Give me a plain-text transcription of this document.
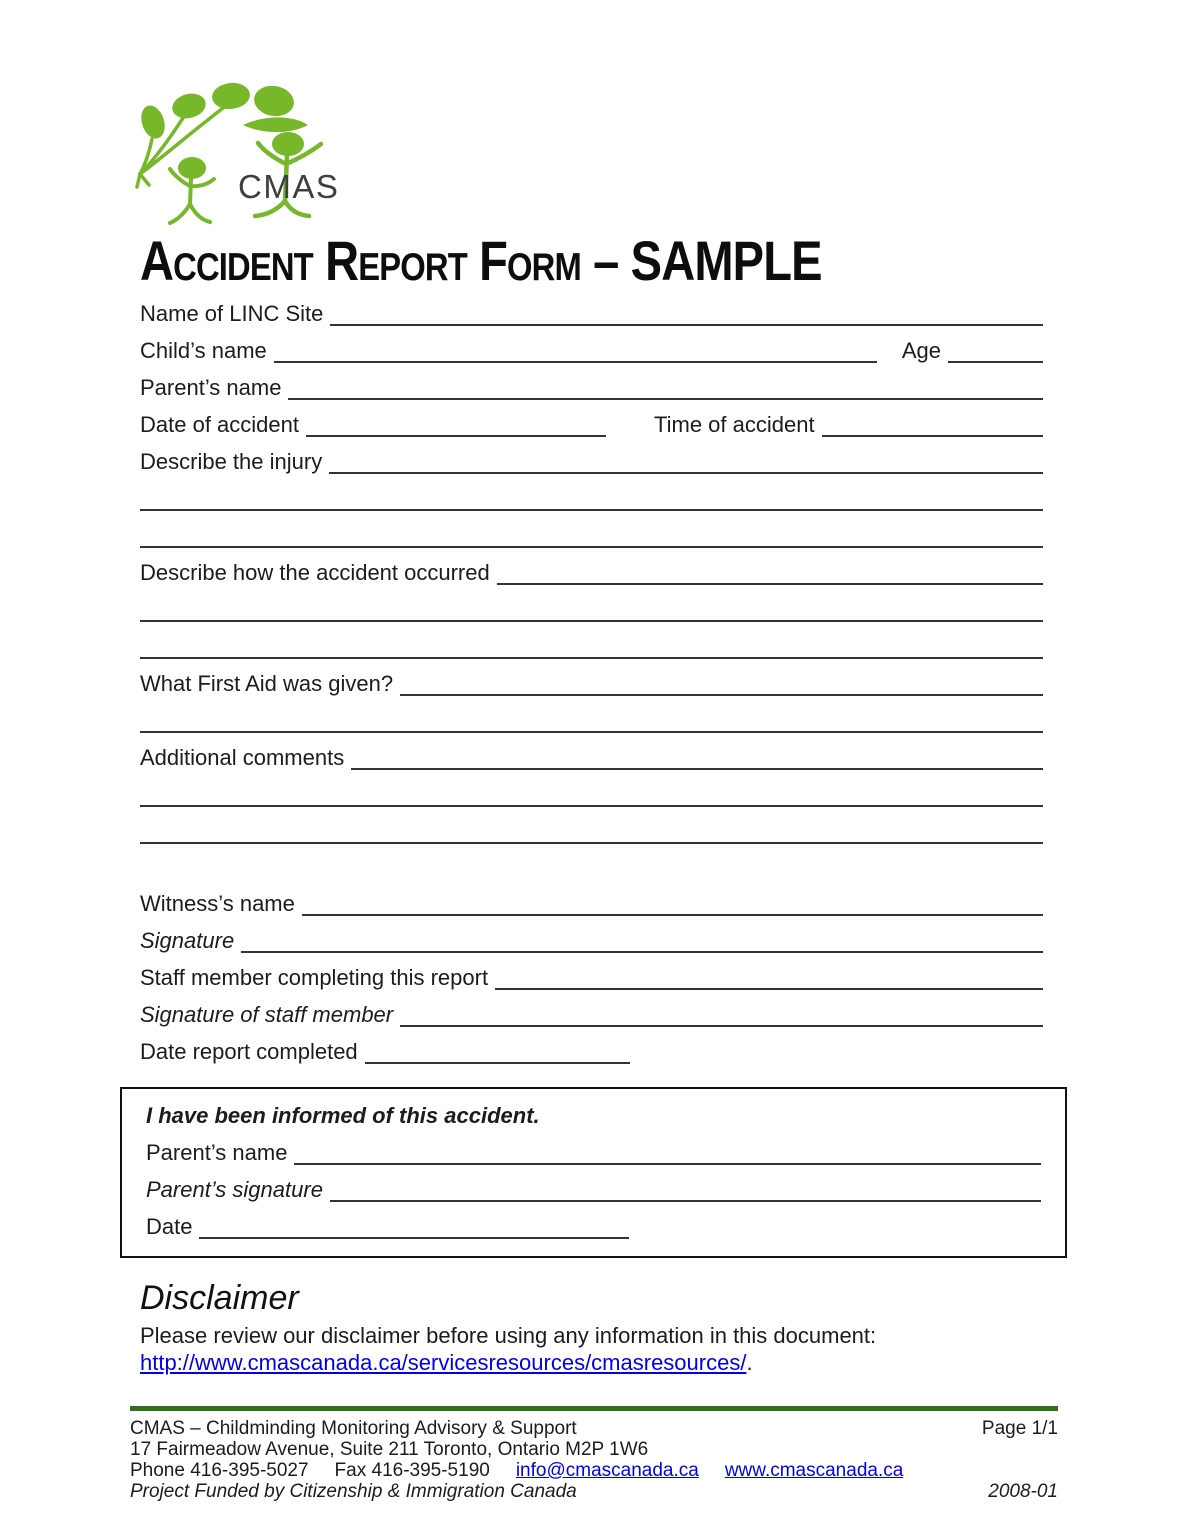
CMAS
Accident Report Form – SAMPLE
Name of LINC Site
Child’s name	Age
Parent’s name
Date of accident	Time of accident
Describe the injury
Describe how the accident occurred
What First Aid was given?
Additional comments
Witness’s name
Signature
Staff member completing this report
Signature of staff member
Date report completed
I have been informed of this accident.
Parent’s name
Parent’s signature
Date
Disclaimer
Please review our disclaimer before using any information in this document:
http://www.cmascanada.ca/servicesresources/cmasresources/.
CMAS – Childminding Monitoring Advisory & Support	Page 1/1
17 Fairmeadow Avenue, Suite 211 Toronto, Ontario M2P 1W6
Phone 416-395-5027 Fax 416-395-5190 info@cmascanada.ca www.cmascanada.ca
Project Funded by Citizenship & Immigration Canada	2008-01
